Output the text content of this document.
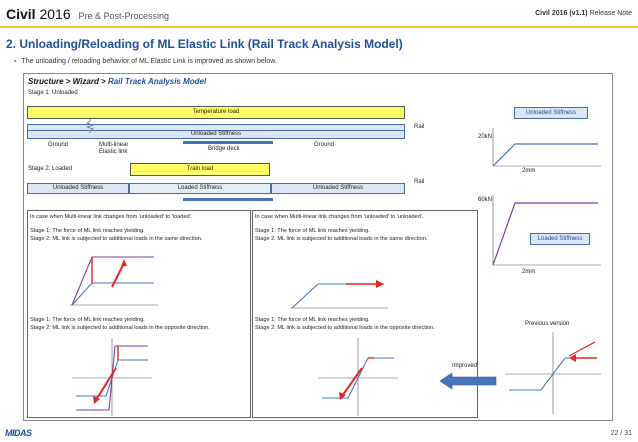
Civil 2016 Pre & Post-Processing	Civil 2016 (v1.1) Release Note
2. Unloading/Reloading of ML Elastic Link (Rail Track Analysis Model)
▪ The unloading / reloading behavior of ML Elastic Link is improved as shown below.
Structure > Wizard > Rail Track Analysis Model
Stage 1: Unloaded
Temperature load
Rail
Unloaded Stiffness
Ground	Multi-linear
Elastic link	Bridge deck
Ground
Stage 2: Loaded	Train load
Rail
Unloaded Stiffness	Loaded Stiffness	Unloaded Stiffness
Unloaded Stiffness
20kN
2mm
60kN
Loaded Stiffness
2mm
In case when Multi-linear link changes from 'unloaded' to 'loaded'.
Stage 1: The force of ML link reaches yielding.
Stage 2: ML link is subjected to additional loads in the same direction.
Stage 1: The force of ML link reaches yielding.
Stage 2: ML link is subjected to additional loads in the opposite direction.
In case when Multi-linear link changes from 'unloaded' to 'unloaded'.
Stage 1: The force of ML link reaches yielding.
Stage 2: ML link is subjected to additional loads in the same direction.
Stage 1: The force of ML link reaches yielding.
Stage 2: ML link is subjected to additional loads in the opposite direction.
Improved
Previous version
MIDAS	22 / 31
